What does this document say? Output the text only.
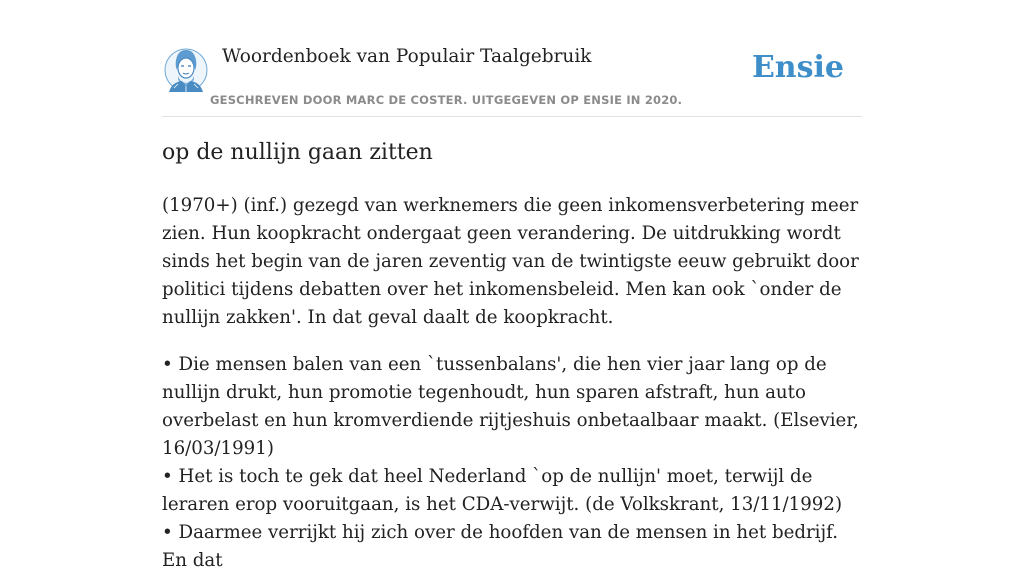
Woordenboek van Populair Taalgebruik
GESCHREVEN DOOR MARC DE COSTER. UITGEGEVEN OP ENSIE IN 2020.
Ensie
op de nullijn gaan zitten

(1970+) (inf.) gezegd van werknemers die geen inkomensverbetering meer zien. Hun koopkracht ondergaat geen verandering. De uitdrukking wordt sinds het begin van de jaren zeventig van de twintigste eeuw gebruikt door politici tijdens debatten over het inkomensbeleid. Men kan ook `onder de nullijn zakken'. In dat geval daalt de koopkracht.

• Die mensen balen van een `tussenbalans', die hen vier jaar lang op de nullijn drukt, hun promotie tegenhoudt, hun sparen afstraft, hun auto overbelast en hun kromverdiende rijtjeshuis onbetaalbaar maakt. (Elsevier, 16/03/1991)
• Het is toch te gek dat heel Nederland `op de nullijn' moet, terwijl de leraren erop vooruitgaan, is het CDA-verwijt. (de Volkskrant, 13/11/1992)
• Daarmee verrijkt hij zich over de hoofden van de mensen in het bedrijf. En dat
